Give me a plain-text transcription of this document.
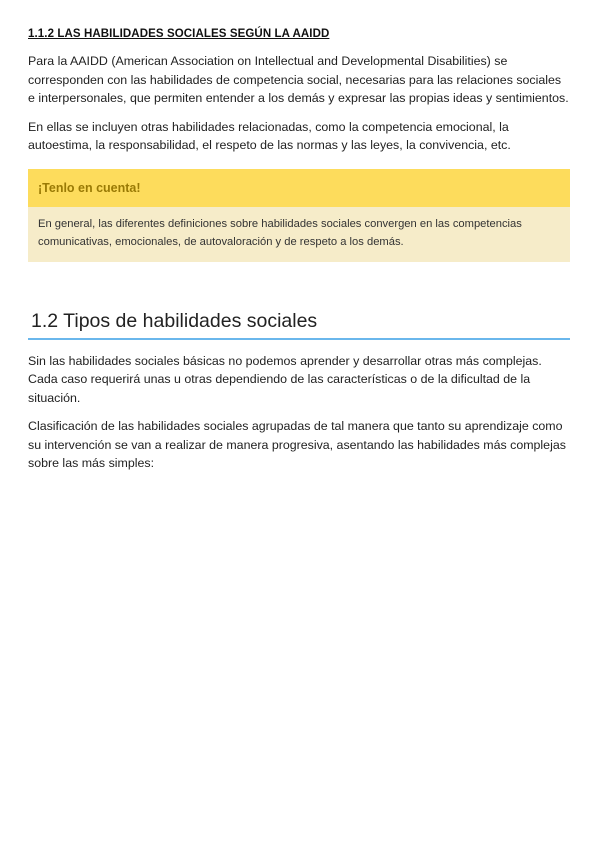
1.1.2 LAS HABILIDADES SOCIALES SEGÚN LA AAIDD

Para la AAIDD (American Association on Intellectual and Developmental Disabilities) se corresponden con las habilidades de competencia social, necesarias para las relaciones sociales e interpersonales, que permiten entender a los demás y expresar las propias ideas y sentimientos.

En ellas se incluyen otras habilidades relacionadas, como la competencia emocional, la autoestima, la responsabilidad, el respeto de las normas y las leyes, la convivencia, etc.

¡Tenlo en cuenta!
En general, las diferentes definiciones sobre habilidades sociales convergen en las competencias comunicativas, emocionales, de autovaloración y de respeto a los demás.
1.2 Tipos de habilidades sociales

Sin las habilidades sociales básicas no podemos aprender y desarrollar otras más complejas. Cada caso requerirá unas u otras dependiendo de las características o de la dificultad de la situación.

Clasificación de las habilidades sociales agrupadas de tal manera que tanto su aprendizaje como su intervención se van a realizar de manera progresiva, asentando las habilidades más complejas sobre las más simples:
